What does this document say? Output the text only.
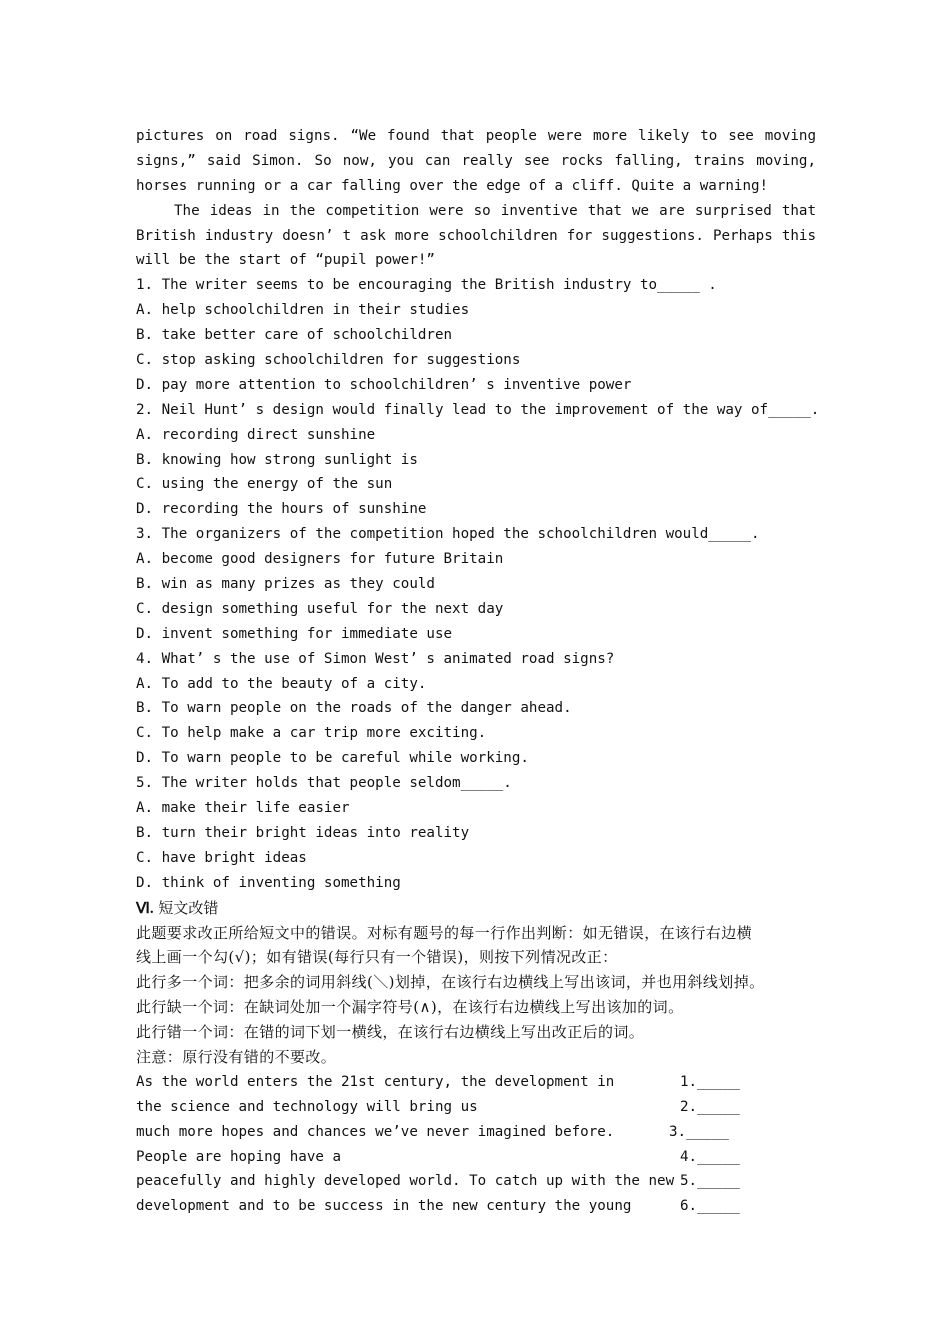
pictures on road signs. “We found that people were more likely to see moving
signs,” said Simon. So now, you can really see rocks falling, trains moving,
horses running or a car falling over the edge of a cliff. Quite a warning!
The ideas in the competition were so inventive that we are surprised that
British industry doesn’ t ask more schoolchildren for suggestions. Perhaps this
will be the start of “pupil power!”
1. The writer seems to be encouraging the British industry to_____ .
A. help schoolchildren in their studies
B. take better care of schoolchildren
C. stop asking schoolchildren for suggestions
D. pay more attention to schoolchildren’ s inventive power
2. Neil Hunt’ s design would finally lead to the improvement of the way of_____.
A. recording direct sunshine
B. knowing how strong sunlight is
C. using the energy of the sun
D. recording the hours of sunshine
3. The organizers of the competition hoped the schoolchildren would_____.
A. become good designers for future Britain
B. win as many prizes as they could
C. design something useful for the next day
D. invent something for immediate use
4. What’ s the use of Simon West’ s animated road signs?
A. To add to the beauty of a city.
B. To warn people on the roads of the danger ahead.
C. To help make a car trip more exciting.
D. To warn people to be careful while working.
5. The writer holds that people seldom_____.
A. make their life easier
B. turn their bright ideas into reality
C. have bright ideas
D. think of inventing something
Ⅵ. 短文改错
此题要求改正所给短文中的错误。对标有题号的每一行作出判断：如无错误，在该行右边横
线上画一个勾(√)；如有错误(每行只有一个错误)，则按下列情况改正：
此行多一个词：把多余的词用斜线(＼)划掉，在该行右边横线上写出该词，并也用斜线划掉。
此行缺一个词：在缺词处加一个漏字符号(∧)，在该行右边横线上写出该加的词。
此行错一个词：在错的词下划一横线，在该行右边横线上写出改正后的词。
注意：原行没有错的不要改。
As the world enters the 21st century, the development in	1._____
the science and technology will bring us	2._____
much more hopes and chances we’ve never imagined before.	3._____
People are hoping have a	4._____
peacefully and highly developed world. To catch up with the new 5._____
development and to be success in the new century the young	6._____
